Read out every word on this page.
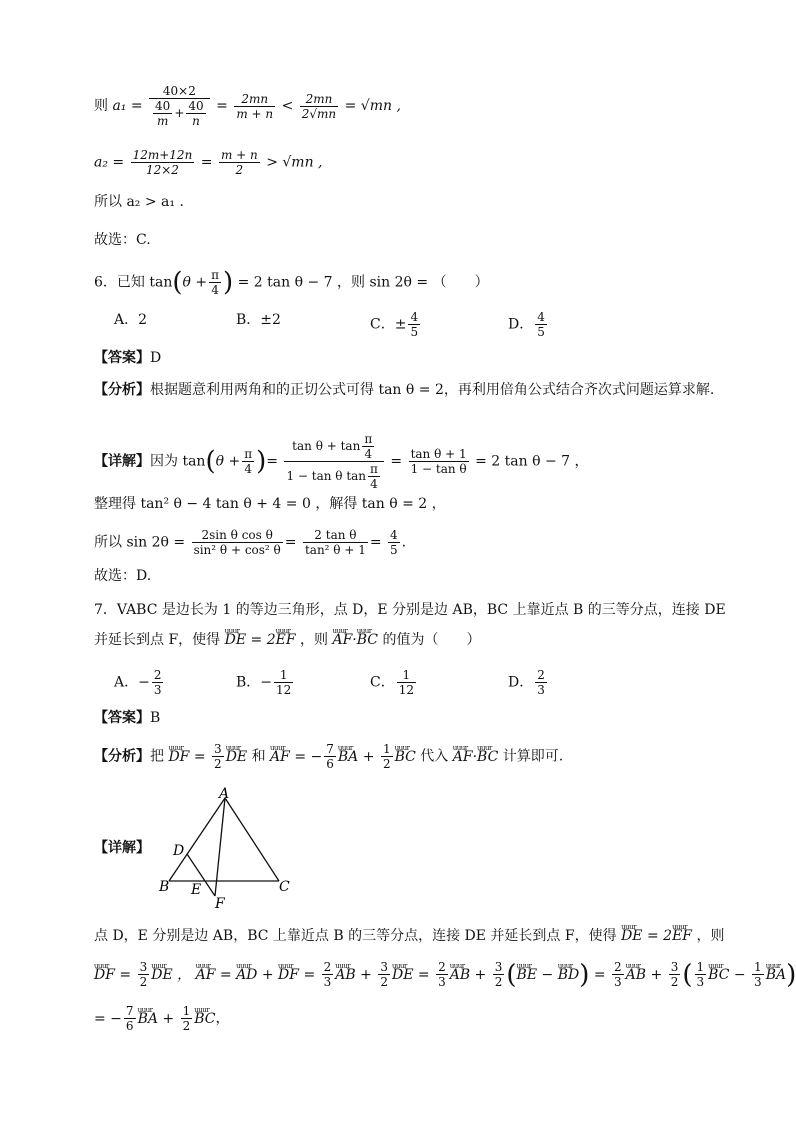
则 $a_1 = \frac{40\times 2}{\frac{40}{m} + \frac{40}{n}} = \frac{2mn}{m + n} < \frac{2mn}{2√mn} = √mn$ ,
$a_2 = \frac{12m+12n}{12\times 2} = \frac{m + n}{2} > √mn$ ,
所以 a₂ > a₁ .
故选：C.
6．已知 $\tan(\theta + \frac{\pi}{4}$ ) = 2 tan θ − 7 ，则 sin 2θ = （　　）
A．2	B．±2	C．± $\frac{4}{5}$	D． $\frac{4}{5}$
【答案】D
【分析】根据题意利用两角和的正切公式可得 tan θ = 2，再利用倍角公式结合齐次式问题运算求解.
【详解】因为 $\tan(\theta + \frac{\pi}{4}$ )= $\frac{\tan \theta + \tan \frac{\pi}{4}}{1 - \tan \theta \tan \frac{\pi}{4}} = \frac{\text{tan θ + 1}}{\text{1 − tan θ}} = 2$ tan θ − 7 ，
整理得 tan² θ − 4 tan θ + 4 = 0 ，解得 tan θ = 2 ，
所以 $\sin 2\theta = \frac{\text{2sin θ cos θ}}{\text{sin² θ + cos² θ}} = \frac{\text{2 tan θ}}{\text{tan² θ + 1}} = \frac{4}{5}$ .
故选：D.
7．VABC 是边长为 1 的等边三角形，点 D，E 分别是边 AB，BC 上靠近点 B 的三等分点，连接 DE
并延长到点 F，使得 uuur DE = 2uuur EF ，则 uuur AF·uuur BC 的值为（　　）
A．− $\frac{2}{3}$	B．− $\frac{1}{12}$	C． $\frac{1}{12}$	D． $\frac{2}{3}$
【答案】B
【分析】把 uuur DF = $\frac{3}{2}$ uuur DE 和 uuur AF = − $\frac{7}{6}$ uuur BA + $\frac{1}{2}$ uuur BC 代入 uuur AF·uuur BC 计算即可.
【详解】
A
B	C
D
E
F
点 D，E 分别是边 AB，BC 上靠近点 B 的三等分点，连接 DE 并延长到点 F，使得 uuur DE = 2uuur EF ，则
uuur DF = $\frac{3}{2}$ uuur DE ， uuur AF = uuur AD + uuur DF = $\frac{2}{3}$ uuur AB + $\frac{3}{2}$ uuur DE = $\frac{2}{3}$ uuur AB + $\frac{3}{2}$ (uuur BE − uuur $BD) = \frac{2}{3}$ uuur AB + $\frac{3}{2}$ ( $\frac{1}{3}$ uuur BC − $\frac{1}{3}$ uuur BA)
= − $\frac{7}{6}$ uuur BA + $\frac{1}{2}$ uuur BC，
